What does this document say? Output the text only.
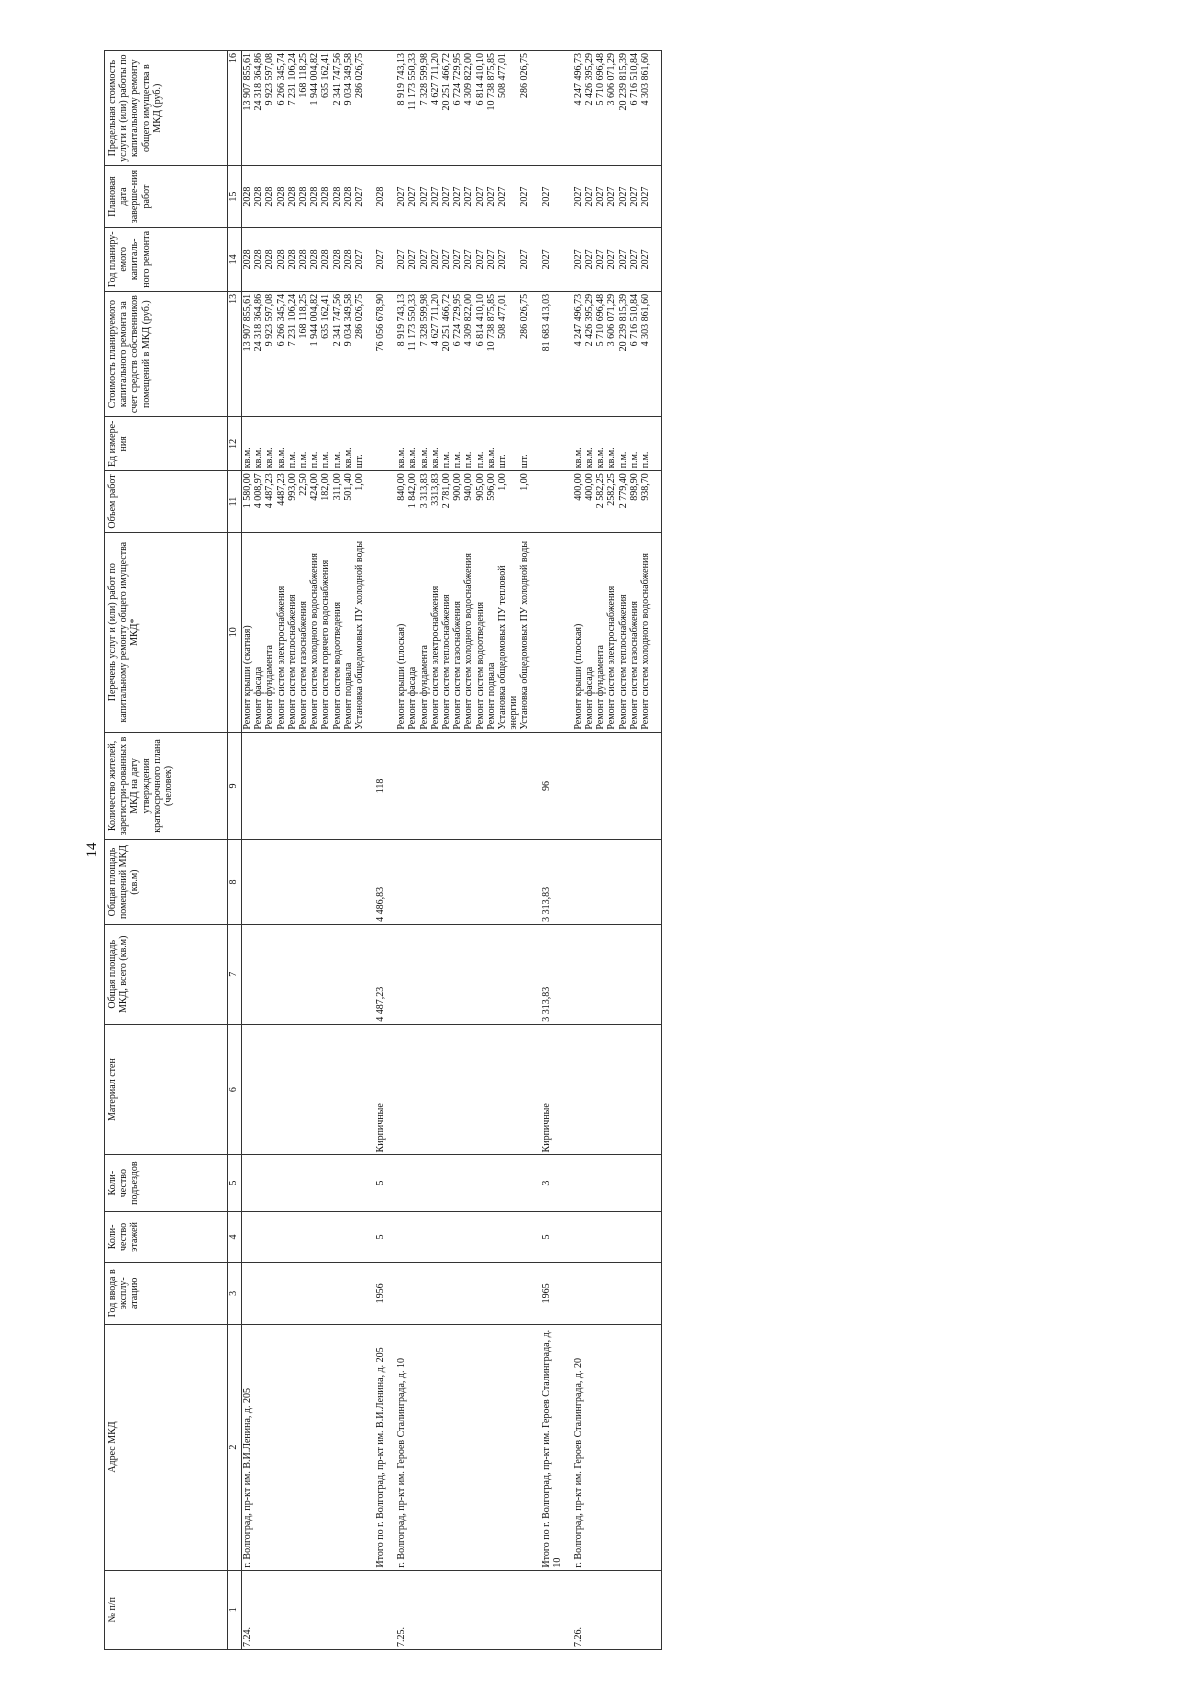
14
№ п/п	Адрес МКД	Год ввода в эксплу-атацию	Коли-чество этажей	Коли-чество подъездов	Материал стен	Общая площадь МКД, всего (кв.м)	Общая площадь помещений МКД (кв.м)	Количество жителей, зарегистри-рованных в МКД на дату утверждения краткосрочного плана (человек)	Перечень услуг и (или) работ по капитальному ремонту общего имущества МКД*	Объем работ	Ед измере-ния	Стоимость планируемого капитального ремонта за счет средств собственников помещений в МКД (руб.)	Год планиру-емого капиталь-ного ремонта	Плановая дата заверше-ния работ	Предельная стоимость услуги и (или) работы по капитальному ремонту общего имущества в МКД (руб.)
1	2	3	4	5	6	7	8	9	10	11	12	13	14	15	16
7.24.	г. Волгоград, пр-кт им. В.И.Ленина, д. 205								Ремонт крыши (скатная)	1 580,00	кв.м.	13 907 855,61	2028	2028	13 907 855,61
									Ремонт фасада	4 008,97	кв.м.	24 318 364,86	2028	2028	24 318 364,86
									Ремонт фундамента	4 487,23	кв.м.	9 923 597,08	2028	2028	9 923 597,08
									Ремонт систем электроснабжения	4487,23	кв.м.	6 266 345,74	2028	2028	6 266 345,74
									Ремонт систем теплоснабжения	993,00	п.м.	7 231 106,24	2028	2028	7 231 106,24
									Ремонт систем газоснабжения	22,50	п.м.	168 118,25	2028	2028	168 118,25
									Ремонт систем холодного водоснабжения	424,00	п.м.	1 944 004,82	2028	2028	1 944 004,82
									Ремонт систем горячего водоснабжения	182,00	п.м.	635 162,41	2028	2028	635 162,41
									Ремонт систем водоотведения	311,00	п.м.	2 341 747,56	2028	2028	2 341 747,56
									Ремонт подвала	501,40	кв.м.	9 034 349,58	2028	2028	9 034 349,58
									Установка общедомовых ПУ холодной воды	1,00	шт.	286 026,75	2027	2027	286 026,75

	Итого по г. Волгоград, пр-кт им. В.И.Ленина, д. 205	1956	5	5	Кирпичные	4 487,23	4 486,83	118				76 056 678,90	2027	2028	

7.25.	г. Волгоград, пр-кт им. Героев Сталинграда, д. 10								Ремонт крыши (плоская)	840,00	кв.м.	8 919 743,13	2027	2027	8 919 743,13
									Ремонт фасада	1 842,00	кв.м.	11 173 550,33	2027	2027	11 173 550,33
									Ремонт фундамента	3 313,83	кв.м.	7 328 599,98	2027	2027	7 328 599,98
									Ремонт систем электроснабжения	3313,83	кв.м.	4 627 711,20	2027	2027	4 627 711,20
									Ремонт систем теплоснабжения	2 781,00	п.м.	20 251 466,72	2027	2027	20 251 466,72
									Ремонт систем газоснабжения	900,00	п.м.	6 724 729,95	2027	2027	6 724 729,95
									Ремонт систем холодного водоснабжения	940,00	п.м.	4 309 822,00	2027	2027	4 309 822,00
									Ремонт систем водоотведения	905,00	п.м.	6 814 410,10	2027	2027	6 814 410,10
									Ремонт подвала	596,00	кв.м.	10 738 875,85	2027	2027	10 738 875,85
									Установка общедомовых ПУ тепловой энергии	1,00	шт.	508 477,01	2027	2027	508 477,01
									Установка общедомовых ПУ холодной воды	1,00	шт.	286 026,75	2027	2027	286 026,75

	Итого по г. Волгоград, пр-кт им. Героев Сталинграда, д. 10	1965	5	3	Кирпичные	3 313,83	3 313,83	96				81 683 413,03	2027	2027	

7.26.	г. Волгоград, пр-кт им. Героев Сталинграда, д. 20								Ремонт крыши (плоская)	400,00	кв.м.	4 247 496,73	2027	2027	4 247 496,73
									Ремонт фасада	400,00	кв.м.	2 426 395,29	2027	2027	2 426 395,29
									Ремонт фундамента	2 582,25	кв.м.	5 710 696,48	2027	2027	5 710 696,48
									Ремонт систем электроснабжения	2582,25	кв.м.	3 606 071,29	2027	2027	3 606 071,29
									Ремонт систем теплоснабжения	2 779,40	п.м.	20 239 815,39	2027	2027	20 239 815,39
									Ремонт систем газоснабжения	898,90	п.м.	6 716 510,84	2027	2027	6 716 510,84
									Ремонт систем холодного водоснабжения	938,70	п.м.	4 303 861,60	2027	2027	4 303 861,60
